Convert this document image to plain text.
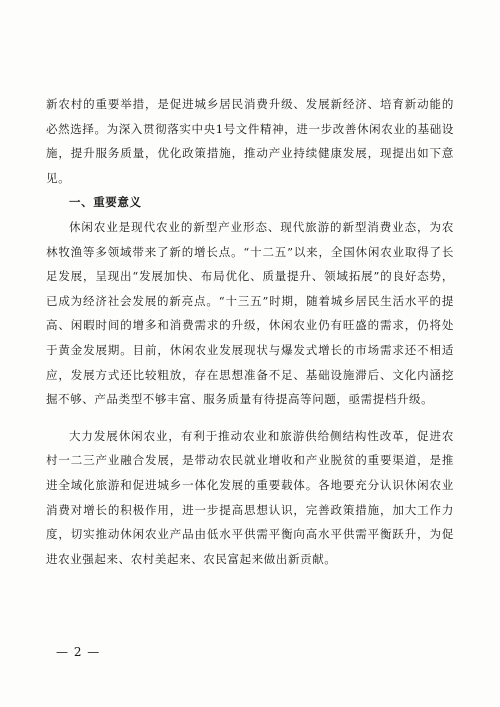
新农村的重要举措，是促进城乡居民消费升级、发展新经济、培育新动能的必然选择。为深入贯彻落实中央1号文件精神，进一步改善休闲农业的基础设施，提升服务质量，优化政策措施，推动产业持续健康发展，现提出如下意见。

一、重要意义

休闲农业是现代农业的新型产业形态、现代旅游的新型消费业态，为农林牧渔等多领域带来了新的增长点。“十二五”以来，全国休闲农业取得了长足发展，呈现出“发展加快、布局优化、质量提升、领域拓展”的良好态势，已成为经济社会发展的新亮点。“十三五”时期，随着城乡居民生活水平的提高、闲暇时间的增多和消费需求的升级，休闲农业仍有旺盛的需求，仍将处于黄金发展期。目前，休闲农业发展现状与爆发式增长的市场需求还不相适应，发展方式还比较粗放，存在思想准备不足、基础设施滞后、文化内涵挖掘不够、产品类型不够丰富、服务质量有待提高等问题，亟需提档升级。

大力发展休闲农业，有利于推动农业和旅游供给侧结构性改革，促进农村一二三产业融合发展，是带动农民就业增收和产业脱贫的重要渠道，是推进全域化旅游和促进城乡一体化发展的重要载体。各地要充分认识休闲农业消费对增长的积极作用，进一步提高思想认识，完善政策措施，加大工作力度，切实推动休闲农业产品由低水平供需平衡向高水平供需平衡跃升，为促进农业强起来、农村美起来、农民富起来做出新贡献。

— 2 —
